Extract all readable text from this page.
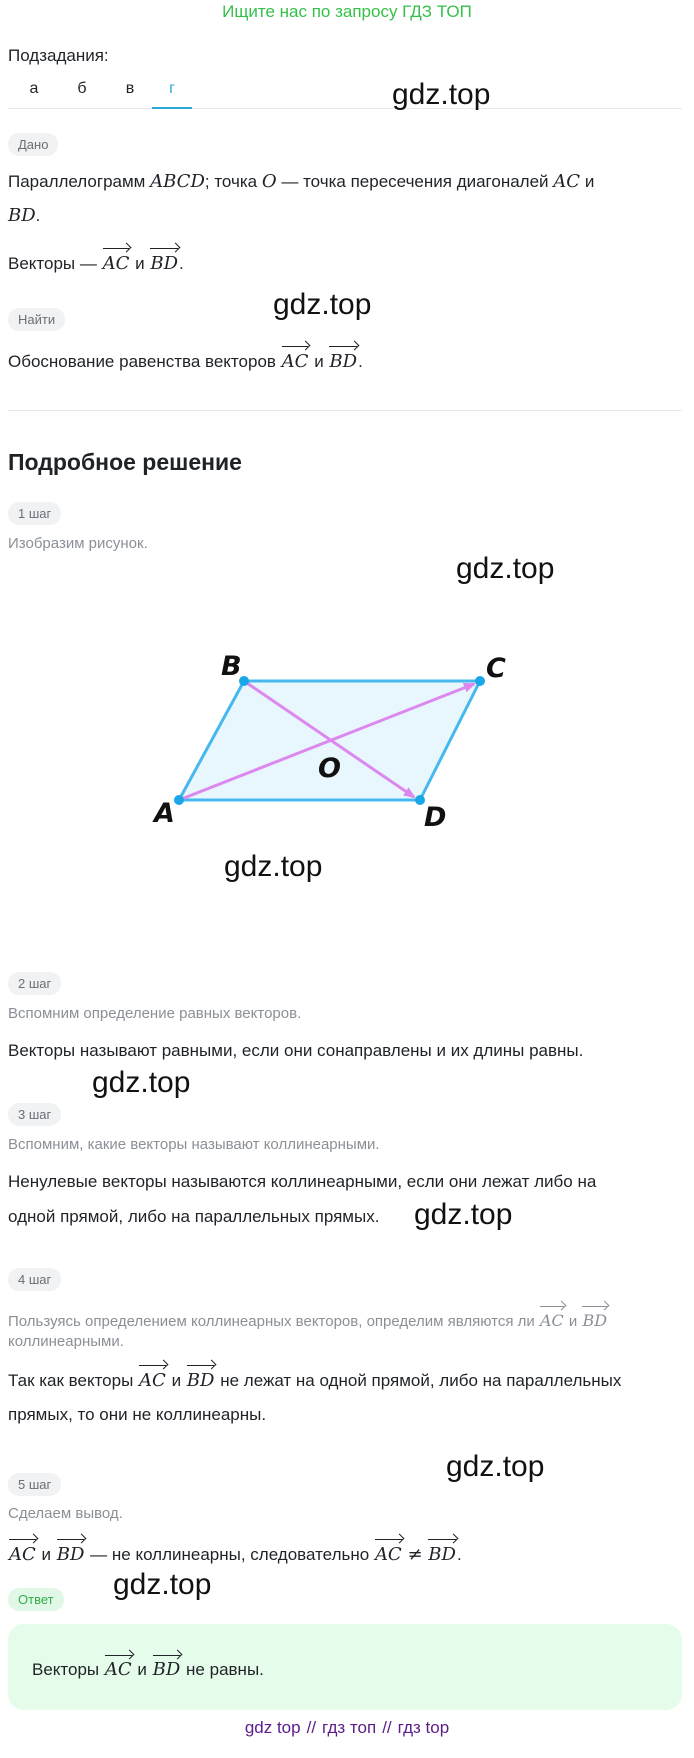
Ищите нас по запросу ГДЗ ТОП
Подзадания:
а	б	в	г	gdz.top
Дано
Параллелограмм ABCD; точка O — точка пересечения диагоналей AC и
BD.
Векторы — AC и BD.
gdz.top
Найти
Обоснование равенства векторов AC и BD.
Подробное решение
1 шаг
Изобразим рисунок.
gdz.top
A
B	C
D
O
gdz.top
2 шаг
Вспомним определение равных векторов.
Векторы называют равными, если они сонаправлены и их длины равны.
gdz.top
3 шаг
Вспомним, какие векторы называют коллинеарными.
Ненулевые векторы называются коллинеарными, если они лежат либо на
одной прямой, либо на параллельных прямых. gdz.top
4 шаг
Пользуясь определением коллинеарных векторов, определим являются ли AC и BD
коллинеарными.
Так как векторы AC и BD не лежат на одной прямой, либо на параллельных
прямых, то они не коллинеарны.
gdz.top
5 шаг
Сделаем вывод.
AC и BD — не коллинеарны, следовательно AC ≠ BD.
gdz.top
Ответ
Векторы AC и BD не равны.
gdz top // гдз топ // гдз top
